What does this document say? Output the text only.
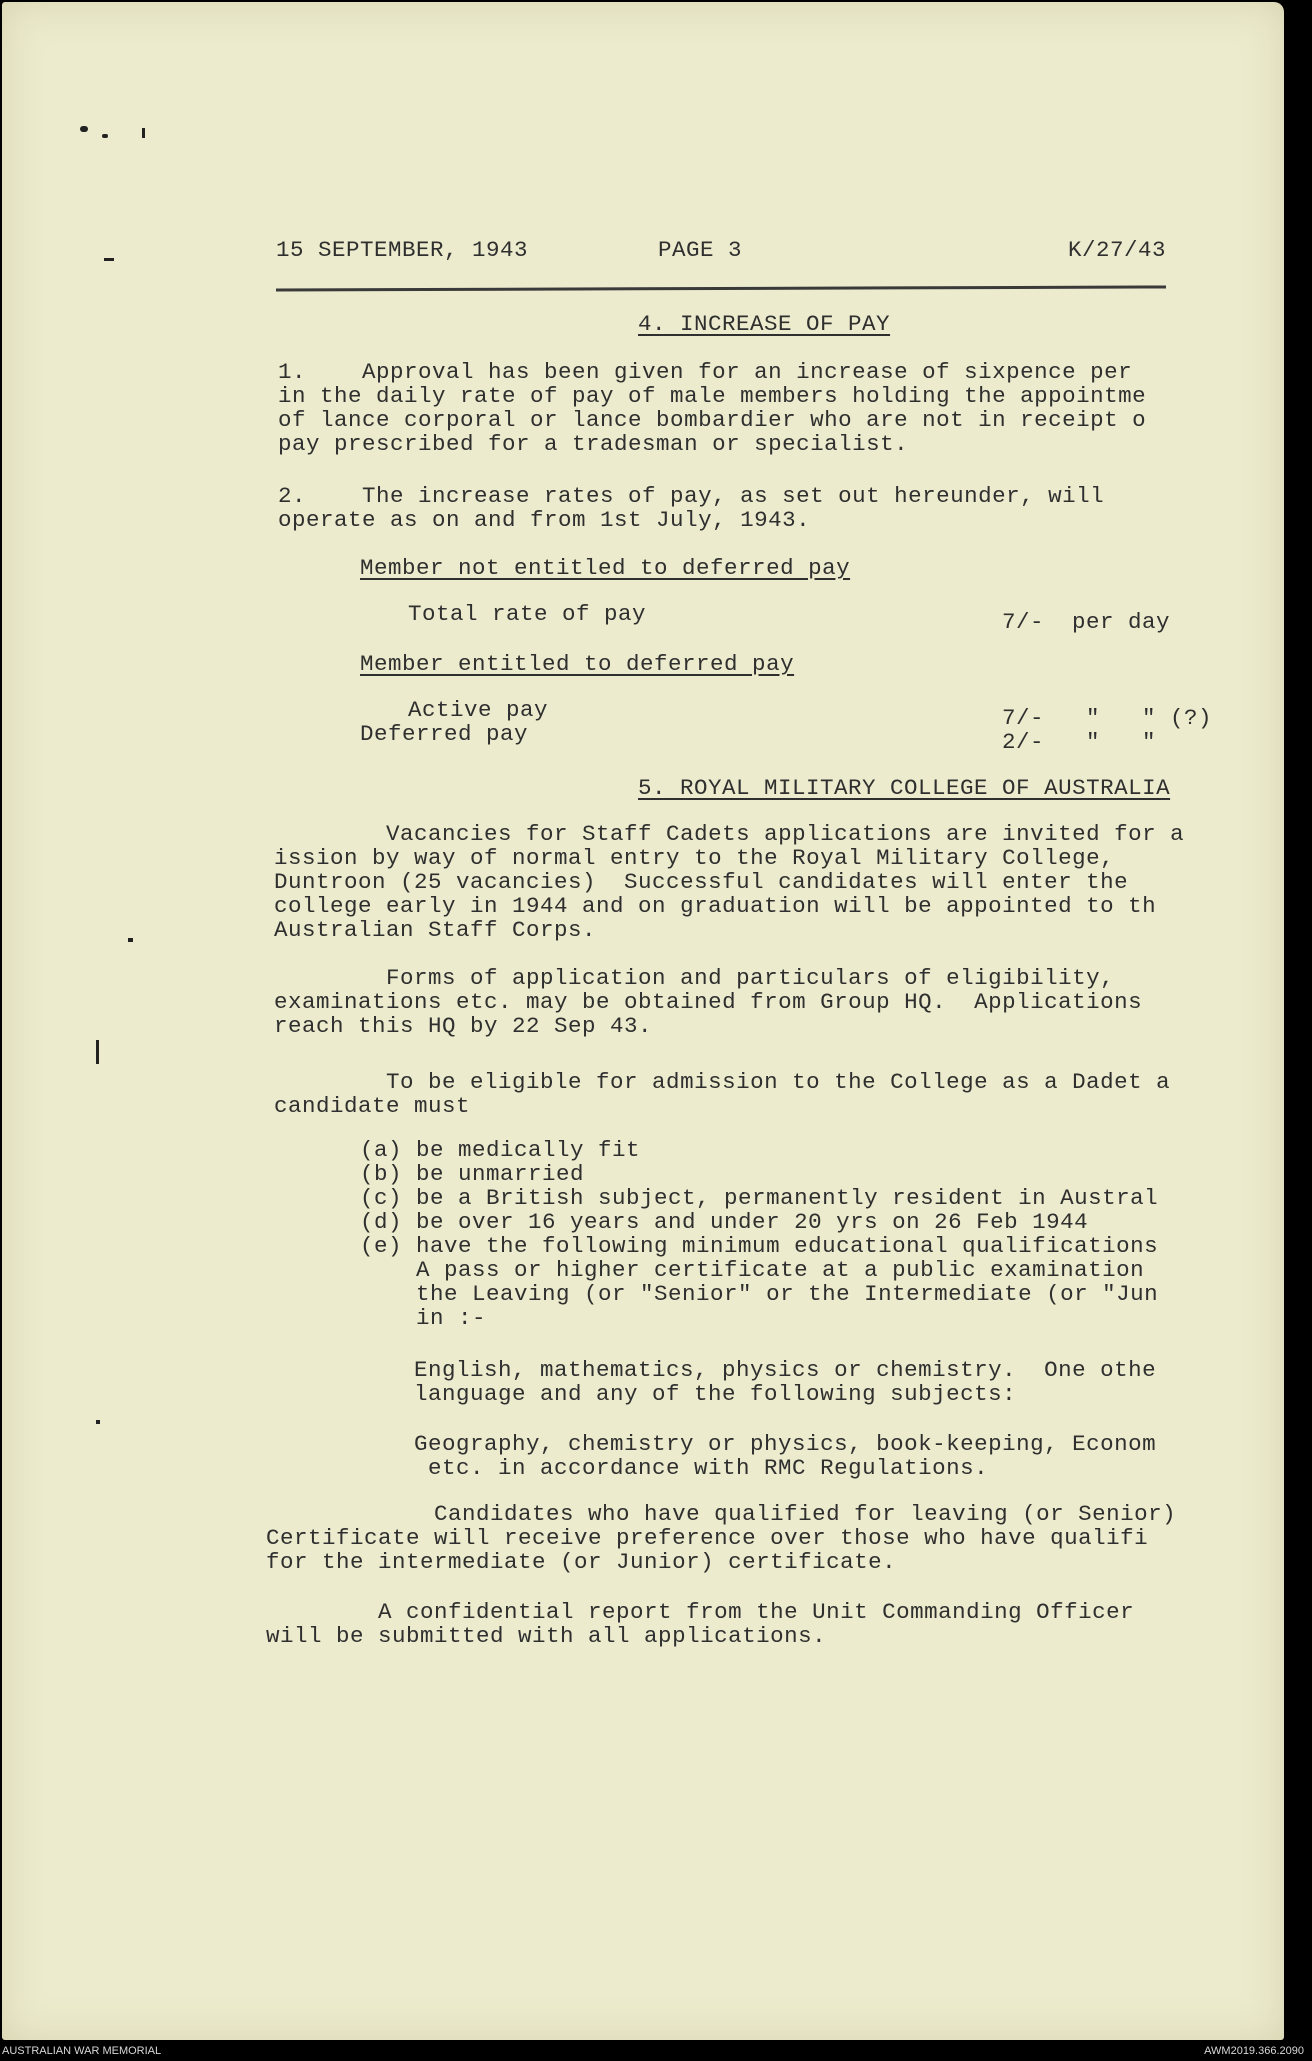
15 SEPTEMBER, 1943	PAGE 3	K/27/43
4. INCREASE OF PAY
1.    Approval has been given for an increase of sixpence per
in the daily rate of pay of male members holding the appointme
of lance corporal or lance bombardier who are not in receipt o
pay prescribed for a tradesman or specialist.
2.    The increase rates of pay, as set out hereunder, will
operate as on and from 1st July, 1943.
Member not entitled to deferred pay
Total rate of pay	7/-  per day
Member entitled to deferred pay
Active pay	7/-   "   " (?)
Deferred pay	2/-   "   "
5. ROYAL MILITARY COLLEGE OF AUSTRALIA
Vacancies for Staff Cadets applications are invited for a
ission by way of normal entry to the Royal Military College,
Duntroon (25 vacancies)  Successful candidates will enter the
college early in 1944 and on graduation will be appointed to th
Australian Staff Corps.
Forms of application and particulars of eligibility,
examinations etc. may be obtained from Group HQ.  Applications
reach this HQ by 22 Sep 43.
To be eligible for admission to the College as a Dadet a
candidate must
(a) be medically fit
(b) be unmarried
(c) be a British subject, permanently resident in Austral
(d) be over 16 years and under 20 yrs on 26 Feb 1944
(e) have the following minimum educational qualifications
A pass or higher certificate at a public examination
the Leaving (or "Senior" or the Intermediate (or "Jun
in :-
English, mathematics, physics or chemistry.  One othe
language and any of the following subjects:
Geography, chemistry or physics, book-keeping, Econom
etc. in accordance with RMC Regulations.
Candidates who have qualified for leaving (or Senior)
Certificate will receive preference over those who have qualifi
for the intermediate (or Junior) certificate.
A confidential report from the Unit Commanding Officer
will be submitted with all applications.
AUSTRALIAN WAR MEMORIAL	AWM2019.366.2090
